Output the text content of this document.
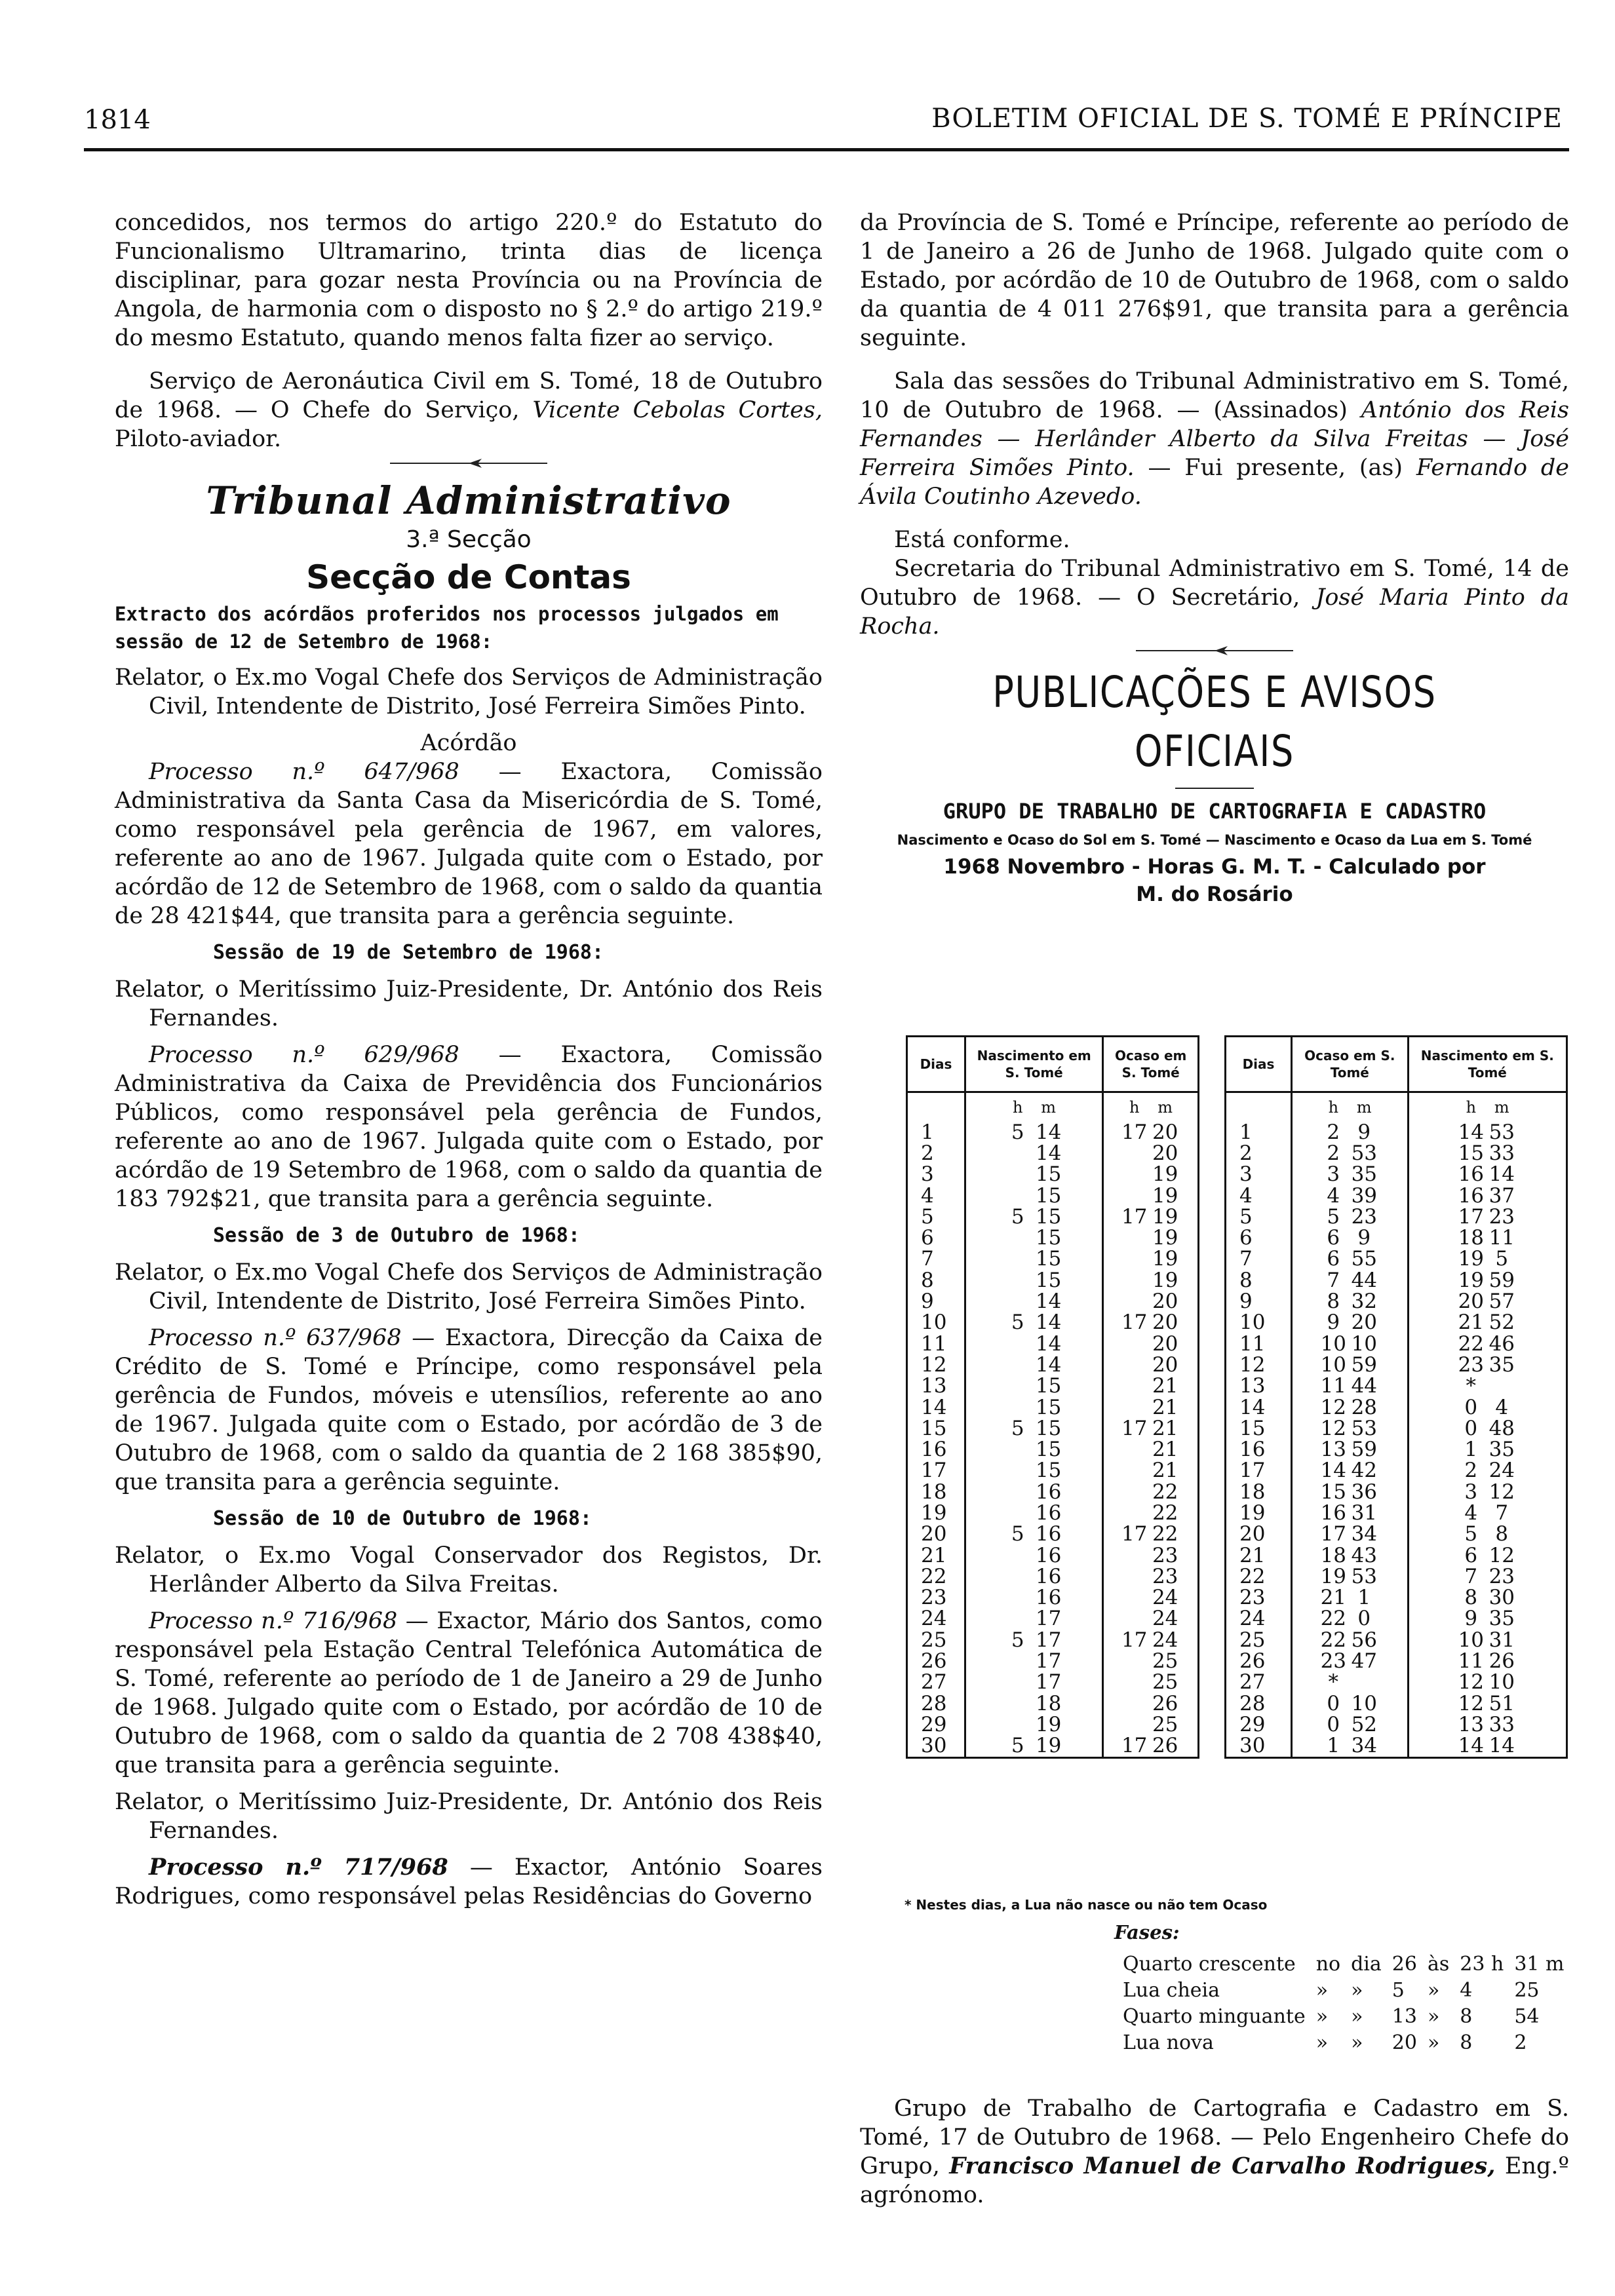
1814	BOLETIM OFICIAL DE S. TOMÉ E PRÍNCIPE

concedidos, nos termos do artigo 220.º do Estatuto do Funcionalismo Ultramarino, trinta dias de licença disciplinar, para gozar nesta Província ou na Província de Angola, de harmonia com o disposto no § 2.º do artigo 219.º do mesmo Estatuto, quando menos falta fizer ao serviço.

Serviço de Aeronáutica Civil em S. Tomé, 18 de Outubro de 1968. — O Chefe do Serviço, Vicente Cebolas Cortes, Piloto-aviador.

Tribunal Administrativo
3.ª Secção
Secção de Contas

Extracto dos acórdãos proferidos nos processos julgados em sessão de 12 de Setembro de 1968:

Relator, o Ex.mo Vogal Chefe dos Serviços de Administração Civil, Intendente de Distrito, José Ferreira Simões Pinto.

Acórdão

Processo n.º 647/968 — Exactora, Comissão Administrativa da Santa Casa da Misericórdia de S. Tomé, como responsável pela gerência de 1967, em valores, referente ao ano de 1967. Julgada quite com o Estado, por acórdão de 12 de Setembro de 1968, com o saldo da quantia de 28 421$44, que transita para a gerência seguinte.

Sessão de 19 de Setembro de 1968:

Relator, o Meritíssimo Juiz-Presidente, Dr. António dos Reis Fernandes.

Processo n.º 629/968 — Exactora, Comissão Administrativa da Caixa de Previdência dos Funcionários Públicos, como responsável pela gerência de Fundos, referente ao ano de 1967. Julgada quite com o Estado, por acórdão de 19 Setembro de 1968, com o saldo da quantia de 183 792$21, que transita para a gerência seguinte.

Sessão de 3 de Outubro de 1968:

Relator, o Ex.mo Vogal Chefe dos Serviços de Administração Civil, Intendente de Distrito, José Ferreira Simões Pinto.

Processo n.º 637/968 — Exactora, Direcção da Caixa de Crédito de S. Tomé e Príncipe, como responsável pela gerência de Fundos, móveis e utensílios, referente ao ano de 1967. Julgada quite com o Estado, por acórdão de 3 de Outubro de 1968, com o saldo da quantia de 2 168 385$90, que transita para a gerência seguinte.

Sessão de 10 de Outubro de 1968:

Relator, o Ex.mo Vogal Conservador dos Registos, Dr. Herlânder Alberto da Silva Freitas.

Processo n.º 716/968 — Exactor, Mário dos Santos, como responsável pela Estação Central Telefónica Automática de S. Tomé, referente ao período de 1 de Janeiro a 29 de Junho de 1968. Julgado quite com o Estado, por acórdão de 10 de Outubro de 1968, com o saldo da quantia de 2 708 438$40, que transita para a gerência seguinte.

Relator, o Meritíssimo Juiz-Presidente, Dr. António dos Reis Fernandes.

Processo n.º 717/968 — Exactor, António Soares Rodrigues, como responsável pelas Residências do Governo

da Província de S. Tomé e Príncipe, referente ao período de 1 de Janeiro a 26 de Junho de 1968. Julgado quite com o Estado, por acórdão de 10 de Outubro de 1968, com o saldo da quantia de 4 011 276$91, que transita para a gerência seguinte.

Sala das sessões do Tribunal Administrativo em S. Tomé, 10 de Outubro de 1968. — (Assinados) António dos Reis Fernandes — Herlânder Alberto da Silva Freitas — José Ferreira Simões Pinto. — Fui presente, (as) Fernando de Ávila Coutinho Azevedo.

Está conforme.

Secretaria do Tribunal Administrativo em S. Tomé, 14 de Outubro de 1968. — O Secretário, José Maria Pinto da Rocha.

PUBLICAÇÕES E AVISOS OFICIAIS
GRUPO DE TRABALHO DE CARTOGRAFIA E CADASTRO
Nascimento e Ocaso do Sol em S. Tomé — Nascimento e Ocaso da Lua em S. Tomé
1968 Novembro - Horas G. M. T. - Calculado por
M. do Rosário
Dias	Nascimento em S. Tomé	Ocaso em S. Tomé
	h m	h m
1	5 14	17 20
2	14	20
3	15	19
4	15	19
5	5 15	17 19
6	15	19
7	15	19
8	15	19
9	14	20
10	5 14	17 20
11	14	20
12	14	20
13	15	21
14	15	21
15	5 15	17 21
16	15	21
17	15	21
18	16	22
19	16	22
20	5 16	17 22
21	16	23
22	16	23
23	16	24
24	17	24
25	5 17	17 24
26	17	25
27	17	25
28	18	26
29	19	25
30	5 19	17 26
Dias	Ocaso em S. Tomé	Nascimento em S. Tomé
	h m	h m
1	2 9	14 53
2	2 53	15 33
3	3 35	16 14
4	4 39	16 37
5	5 23	17 23
6	6 9	18 11
7	6 55	19 5
8	7 44	19 59
9	8 32	20 57
10	9 20	21 52
11	10 10	22 46
12	10 59	23 35
13	11 44	*
14	12 28	0 4
15	12 53	0 48
16	13 59	1 35
17	14 42	2 24
18	15 36	3 12
19	16 31	4 7
20	17 34	5 8
21	18 43	6 12
22	19 53	7 23
23	21 1	8 30
24	22 0	9 35
25	22 56	10 31
26	23 47	11 26
27	*	12 10
28	0 10	12 51
29	0 52	13 33
30	1 34	14 14
* Nestes dias, a Lua não nasce ou não tem Ocaso
Fases:
Quarto crescente	no	dia	26	às	23 h	31 m
Lua cheia	»	»	5	»	4	25
Quarto minguante	»	»	13	»	8	54
Lua nova	»	»	20	»	8	2

Grupo de Trabalho de Cartografia e Cadastro em S. Tomé, 17 de Outubro de 1968. — Pelo Engenheiro Chefe do Grupo, Francisco Manuel de Carvalho Rodrigues, Eng.º agrónomo.
